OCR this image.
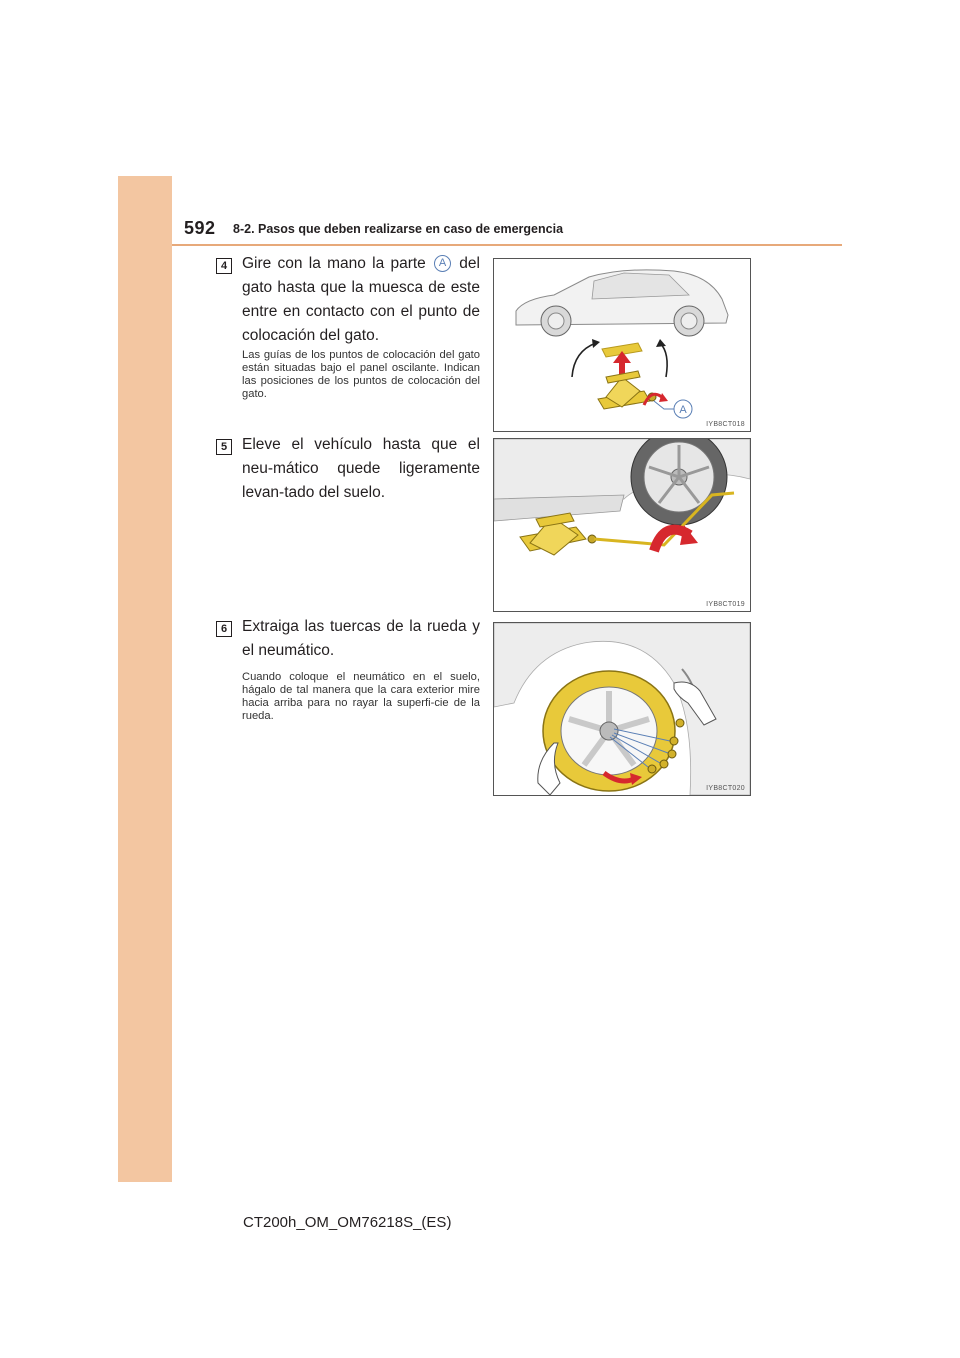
592 8-2. Pasos que deben realizarse en caso de emergencia
4 Gire con la mano la parte A del gato hasta que la muesca de este entre en contacto con el punto de colocación del gato.
Las guías de los puntos de colocación del gato están situadas bajo el panel oscilante. Indican las posiciones de los puntos de colocación del gato.
A
IYB8CT018
5 Eleve el vehículo hasta que el neu-mático quede ligeramente levan-tado del suelo.
IYB8CT019
6 Extraiga las tuercas de la rueda y el neumático.
Cuando coloque el neumático en el suelo, hágalo de tal manera que la cara exterior mire hacia arriba para no rayar la superfi-cie de la rueda.
IYB8CT020
CT200h_OM_OM76218S_(ES)
